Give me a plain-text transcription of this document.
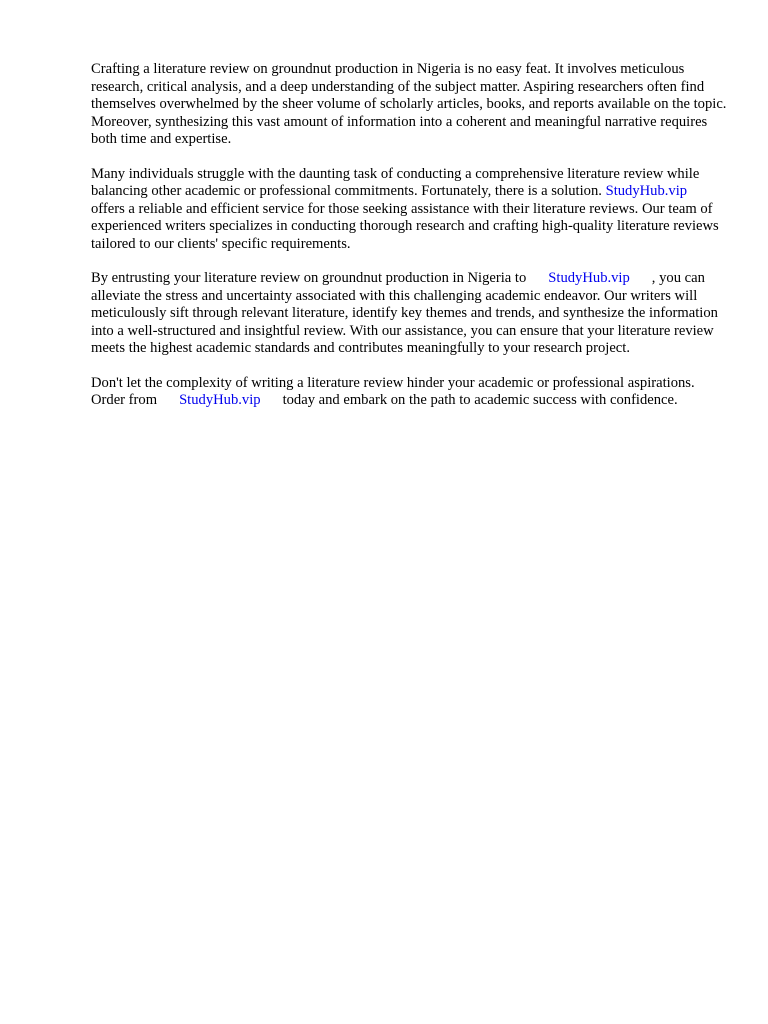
Crafting a literature review on groundnut production in Nigeria is no easy feat. It involves meticulous research, critical analysis, and a deep understanding of the subject matter. Aspiring researchers often find themselves overwhelmed by the sheer volume of scholarly articles, books, and reports available on the topic. Moreover, synthesizing this vast amount of information into a coherent and meaningful narrative requires both time and expertise.

Many individuals struggle with the daunting task of conducting a comprehensive literature review while balancing other academic or professional commitments. Fortunately, there is a solution. StudyHub.vipoffers a reliable and efficient service for those seeking assistance with their literature reviews. Our team of experienced writers specializes in conducting thorough research and crafting high-quality literature reviews tailored to our clients' specific requirements.

By entrusting your literature review on groundnut production in Nigeria to StudyHub.vip , you can alleviate the stress and uncertainty associated with this challenging academic endeavor. Our writers will meticulously sift through relevant literature, identify key themes and trends, and synthesize the information into a well-structured and insightful review. With our assistance, you can ensure that your literature review meets the highest academic standards and contributes meaningfully to your research project.

Don't let the complexity of writing a literature review hinder your academic or professional aspirations. Order from StudyHub.vip today and embark on the path to academic success with confidence.
